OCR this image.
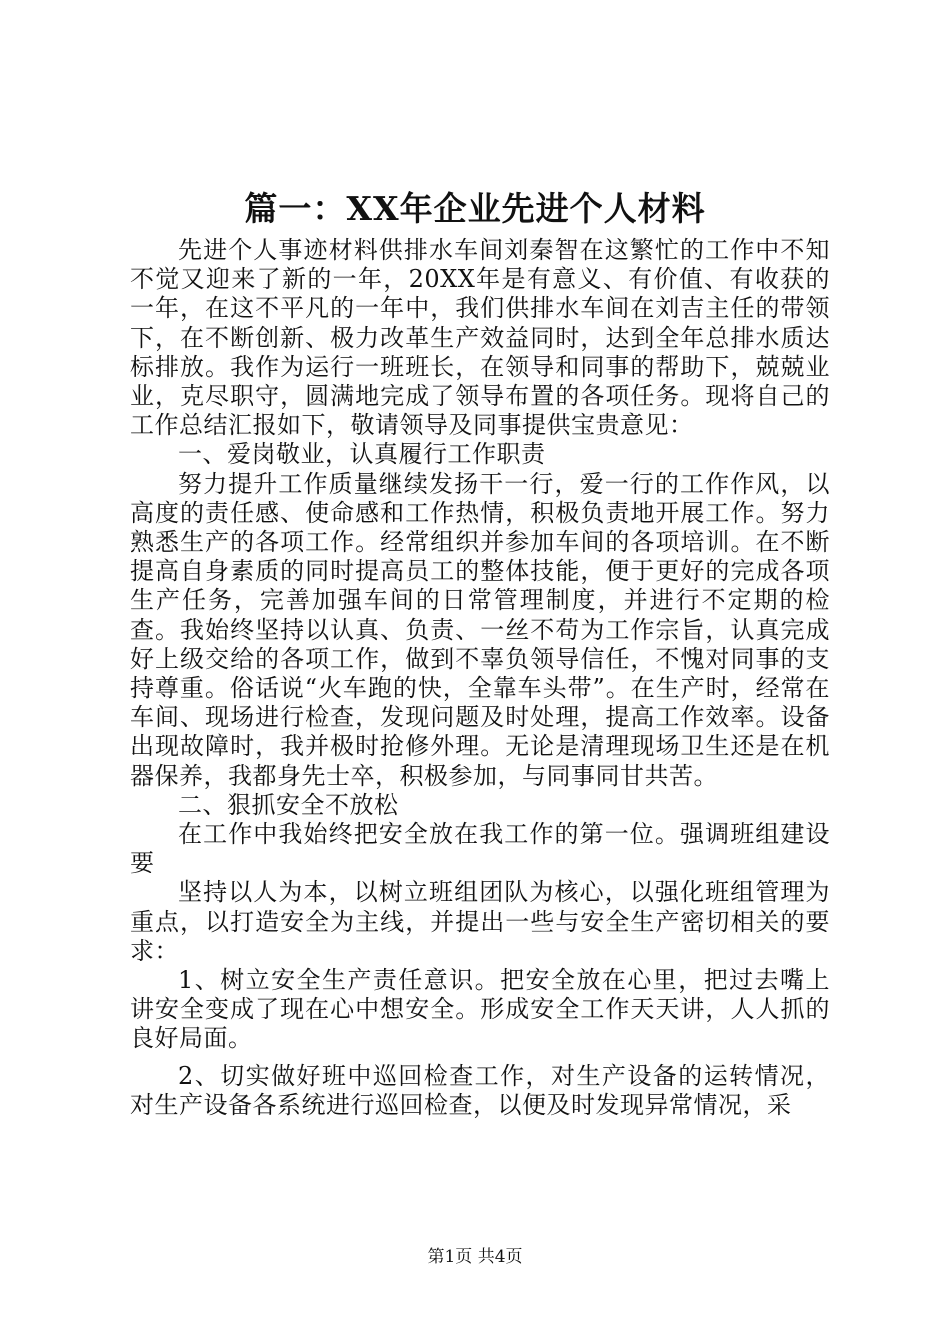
篇一：XX年企业先进个人材料

先进个人事迹材料供排水车间刘秦智在这繁忙的工作中不知不觉又迎来了新的一年，20XX年是有意义、有价值、有收获的一年，在这不平凡的一年中，我们供排水车间在刘吉主任的带领下，在不断创新、极力改革生产效益同时，达到全年总排水质达标排放。我作为运行一班班长，在领导和同事的帮助下，兢兢业业，克尽职守，圆满地完成了领导布置的各项任务。现将自己的工作总结汇报如下，敬请领导及同事提供宝贵意见：

一、爱岗敬业，认真履行工作职责

努力提升工作质量继续发扬干一行，爱一行的工作作风，以高度的责任感、使命感和工作热情，积极负责地开展工作。努力熟悉生产的各项工作。经常组织并参加车间的各项培训。在不断提高自身素质的同时提高员工的整体技能，便于更好的完成各项生产任务，完善加强车间的日常管理制度，并进行不定期的检查。我始终坚持以认真、负责、一丝不苟为工作宗旨，认真完成好上级交给的各项工作，做到不辜负领导信任，不愧对同事的支持尊重。俗话说“火车跑的快，全靠车头带”。在生产时，经常在车间、现场进行检查，发现问题及时处理，提高工作效率。设备出现故障时，我并极时抢修外理。无论是清理现场卫生还是在机器保养，我都身先士卒，积极参加，与同事同甘共苦。

二、狠抓安全不放松

在工作中我始终把安全放在我工作的第一位。强调班组建设要

坚持以人为本，以树立班组团队为核心，以强化班组管理为重点，以打造安全为主线，并提出一些与安全生产密切相关的要求：

1、树立安全生产责任意识。把安全放在心里，把过去嘴上讲安全变成了现在心中想安全。形成安全工作天天讲，人人抓的良好局面。

2、切实做好班中巡回检查工作，对生产设备的运转情况，对生产设备各系统进行巡回检查，以便及时发现异常情况，采

第1页 共4页
